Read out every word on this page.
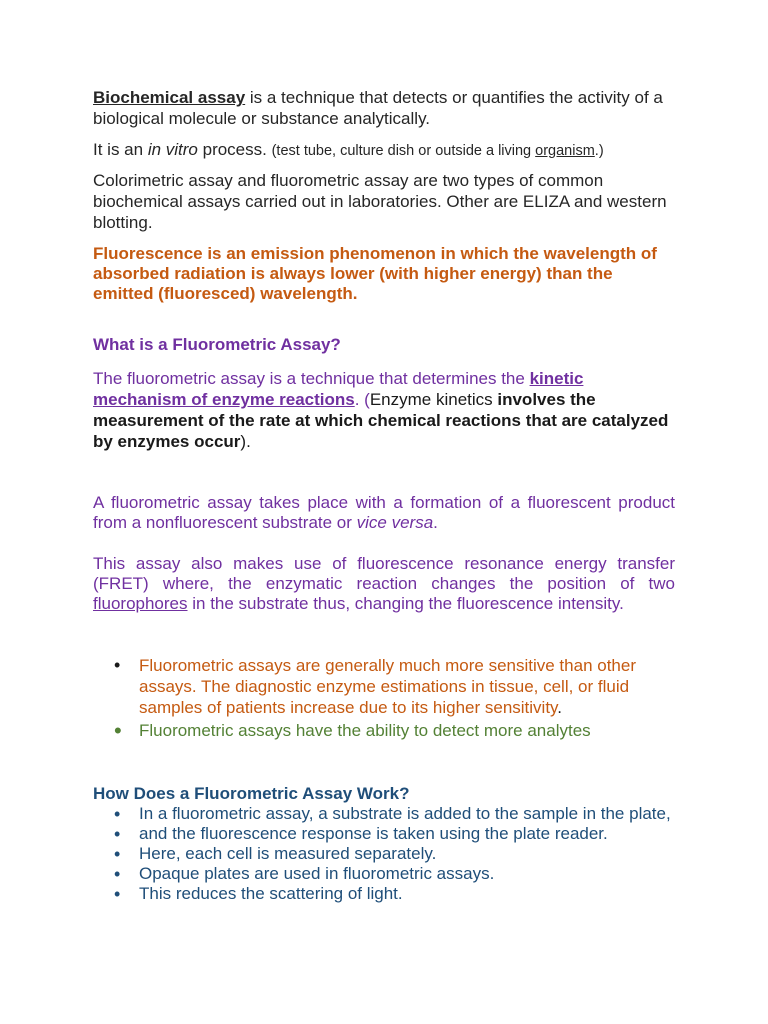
Biochemical assay is a technique that detects or quantifies the activity of a biological molecule or substance analytically.

It is an in vitro process. (test tube, culture dish or outside a living organism.)

Colorimetric assay and fluorometric assay are two types of common biochemical assays carried out in laboratories. Other are ELIZA and western blotting.

Fluorescence is an emission phenomenon in which the wavelength of absorbed radiation is always lower (with higher energy) than the emitted (fluoresced) wavelength.

What is a Fluorometric Assay?

The fluorometric assay is a technique that determines the kinetic mechanism of enzyme reactions. (Enzyme kinetics involves the measurement of the rate at which chemical reactions that are catalyzed by enzymes occur).

A fluorometric assay takes place with a formation of a fluorescent product from a nonfluorescent substrate or vice versa.

This assay also makes use of fluorescence resonance energy transfer (FRET) where, the enzymatic reaction changes the position of two fluorophores in the substrate thus, changing the fluorescence intensity.

• Fluorometric assays are generally much more sensitive than other assays. The diagnostic enzyme estimations in tissue, cell, or fluid samples of patients increase due to its higher sensitivity.
• Fluorometric assays have the ability to detect more analytes
How Does a Fluorometric Assay Work?
• In a fluorometric assay, a substrate is added to the sample in the plate,
• and the fluorescence response is taken using the plate reader.
• Here, each cell is measured separately.
• Opaque plates are used in fluorometric assays.
• This reduces the scattering of light.
